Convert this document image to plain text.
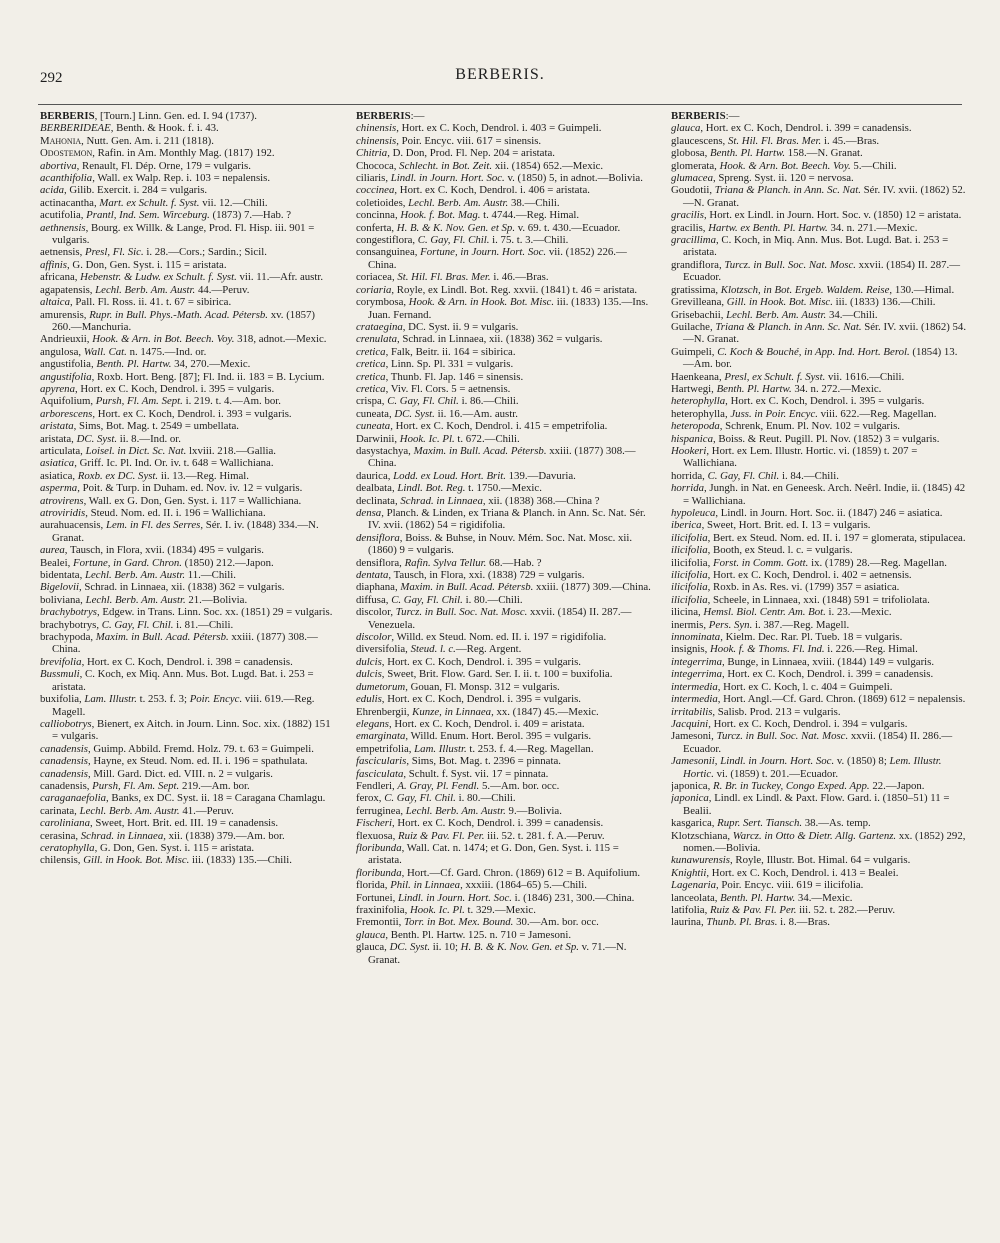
292	BERBERIS.
BERBERIS, [Tourn.] Linn. Gen. ed. I. 94 (1737).
BERBERIDEAE, Benth. & Hook. f. i. 43.
Mahonia, Nutt. Gen. Am. i. 211 (1818).
Odostemon, Rafin. in Am. Monthly Mag. (1817) 192.
abortiva, Renault, Fl. Dép. Orne, 179 = vulgaris.
acanthifolia, Wall. ex Walp. Rep. i. 103 = nepalensis.
acida, Gilib. Exercit. i. 284 = vulgaris.
actinacantha, Mart. ex Schult. f. Syst. vii. 12.—Chili.
acutifolia, Prantl, Ind. Sem. Wirceburg. (1873) 7.—Hab. ?
aethnensis, Bourg. ex Willk. & Lange, Prod. Fl. Hisp. iii. 901 = vulgaris.
aetnensis, Presl, Fl. Sic. i. 28.—Cors.; Sardin.; Sicil.
affinis, G. Don, Gen. Syst. i. 115 = aristata.
africana, Hebenstr. & Ludw. ex Schult. f. Syst. vii. 11.—Afr. austr.
agapatensis, Lechl. Berb. Am. Austr. 44.—Peruv.
altaica, Pall. Fl. Ross. ii. 41. t. 67 = sibirica.
amurensis, Rupr. in Bull. Phys.-Math. Acad. Pétersb. xv. (1857) 260.—Manchuria.
Andrieuxii, Hook. & Arn. in Bot. Beech. Voy. 318, adnot.—Mexic.
angulosa, Wall. Cat. n. 1475.—Ind. or.
angustifolia, Benth. Pl. Hartw. 34, 270.—Mexic.
angustifolia, Roxb. Hort. Beng. [87]; Fl. Ind. ii. 183 = B. Lycium.
apyrena, Hort. ex C. Koch, Dendrol. i. 395 = vulgaris.
Aquifolium, Pursh, Fl. Am. Sept. i. 219. t. 4.—Am. bor.
arborescens, Hort. ex C. Koch, Dendrol. i. 393 = vulgaris.
aristata, Sims, Bot. Mag. t. 2549 = umbellata.
aristata, DC. Syst. ii. 8.—Ind. or.
articulata, Loisel. in Dict. Sc. Nat. lxviii. 218.—Gallia.
asiatica, Griff. Ic. Pl. Ind. Or. iv. t. 648 = Wallichiana.
asiatica, Roxb. ex DC. Syst. ii. 13.—Reg. Himal.
asperma, Poit. & Turp. in Duham. ed. Nov. iv. 12 = vulgaris.
atrovirens, Wall. ex G. Don, Gen. Syst. i. 117 = Wallichiana.
atroviridis, Steud. Nom. ed. II. i. 196 = Wallichiana.
aurahuacensis, Lem. in Fl. des Serres, Sér. I. iv. (1848) 334.—N. Granat.
aurea, Tausch, in Flora, xvii. (1834) 495 = vulgaris.
Bealei, Fortune, in Gard. Chron. (1850) 212.—Japon.
bidentata, Lechl. Berb. Am. Austr. 11.—Chili.
Bigelovii, Schrad. in Linnaea, xii. (1838) 362 = vulgaris.
boliviana, Lechl. Berb. Am. Austr. 21.—Bolivia.
brachybotrys, Edgew. in Trans. Linn. Soc. xx. (1851) 29 = vulgaris.
brachybotrys, C. Gay, Fl. Chil. i. 81.—Chili.
brachypoda, Maxim. in Bull. Acad. Pétersb. xxiii. (1877) 308.—China.
brevifolia, Hort. ex C. Koch, Dendrol. i. 398 = canadensis.
Bussmuli, C. Koch, ex Miq. Ann. Mus. Bot. Lugd. Bat. i. 253 = aristata.
buxifolia, Lam. Illustr. t. 253. f. 3; Poir. Encyc. viii. 619.—Reg. Magell.
calliobotrys, Bienert, ex Aitch. in Journ. Linn. Soc. xix. (1882) 151 = vulgaris.
canadensis, Guimp. Abbild. Fremd. Holz. 79. t. 63 = Guimpeli.
canadensis, Hayne, ex Steud. Nom. ed. II. i. 196 = spathulata.
canadensis, Mill. Gard. Dict. ed. VIII. n. 2 = vulgaris.
canadensis, Pursh, Fl. Am. Sept. 219.—Am. bor.
caraganaefolia, Banks, ex DC. Syst. ii. 18 = Caragana Chamlagu.
carinata, Lechl. Berb. Am. Austr. 41.—Peruv.
caroliniana, Sweet, Hort. Brit. ed. III. 19 = canadensis.
cerasina, Schrad. in Linnaea, xii. (1838) 379.—Am. bor.
ceratophylla, G. Don, Gen. Syst. i. 115 = aristata.
chilensis, Gill. in Hook. Bot. Misc. iii. (1833) 135.—Chili.
BERBERIS:—
chinensis, Hort. ex C. Koch, Dendrol. i. 403 = Guimpeli.
chinensis, Poir. Encyc. viii. 617 = sinensis.
Chitria, D. Don, Prod. Fl. Nep. 204 = aristata.
Chococa, Schlecht. in Bot. Zeit. xii. (1854) 652.—Mexic.
ciliaris, Lindl. in Journ. Hort. Soc. v. (1850) 5, in adnot.—Bolivia.
coccinea, Hort. ex C. Koch, Dendrol. i. 406 = aristata.
coletioides, Lechl. Berb. Am. Austr. 38.—Chili.
concinna, Hook. f. Bot. Mag. t. 4744.—Reg. Himal.
conferta, H. B. & K. Nov. Gen. et Sp. v. 69. t. 430.—Ecuador.
congestiflora, C. Gay, Fl. Chil. i. 75. t. 3.—Chili.
consanguinea, Fortune, in Journ. Hort. Soc. vii. (1852) 226.—China.
coriacea, St. Hil. Fl. Bras. Mer. i. 46.—Bras.
coriaria, Royle, ex Lindl. Bot. Reg. xxvii. (1841) t. 46 = aristata.
corymbosa, Hook. & Arn. in Hook. Bot. Misc. iii. (1833) 135.—Ins. Juan. Fernand.
crataegina, DC. Syst. ii. 9 = vulgaris.
crenulata, Schrad. in Linnaea, xii. (1838) 362 = vulgaris.
cretica, Falk, Beitr. ii. 164 = sibirica.
cretica, Linn. Sp. Pl. 331 = vulgaris.
cretica, Thunb. Fl. Jap. 146 = sinensis.
cretica, Viv. Fl. Cors. 5 = aetnensis.
crispa, C. Gay, Fl. Chil. i. 86.—Chili.
cuneata, DC. Syst. ii. 16.—Am. austr.
cuneata, Hort. ex C. Koch, Dendrol. i. 415 = empetrifolia.
Darwinii, Hook. Ic. Pl. t. 672.—Chili.
dasystachya, Maxim. in Bull. Acad. Pétersb. xxiii. (1877) 308.—China.
daurica, Lodd. ex Loud. Hort. Brit. 139.—Davuria.
dealbata, Lindl. Bot. Reg. t. 1750.—Mexic.
declinata, Schrad. in Linnaea, xii. (1838) 368.—China ?
densa, Planch. & Linden, ex Triana & Planch. in Ann. Sc. Nat. Sér. IV. xvii. (1862) 54 = rigidifolia.
densiflora, Boiss. & Buhse, in Nouv. Mém. Soc. Nat. Mosc. xii. (1860) 9 = vulgaris.
densiflora, Rafin. Sylva Tellur. 68.—Hab. ?
dentata, Tausch, in Flora, xxi. (1838) 729 = vulgaris.
diaphana, Maxim. in Bull. Acad. Pétersb. xxiii. (1877) 309.—China.
diffusa, C. Gay, Fl. Chil. i. 80.—Chili.
discolor, Turcz. in Bull. Soc. Nat. Mosc. xxvii. (1854) II. 287.—Venezuela.
discolor, Willd. ex Steud. Nom. ed. II. i. 197 = rigidifolia.
diversifolia, Steud. l. c.—Reg. Argent.
dulcis, Hort. ex C. Koch, Dendrol. i. 395 = vulgaris.
dulcis, Sweet, Brit. Flow. Gard. Ser. I. ii. t. 100 = buxifolia.
dumetorum, Gouan, Fl. Monsp. 312 = vulgaris.
edulis, Hort. ex C. Koch, Dendrol. i. 395 = vulgaris.
Ehrenbergii, Kunze, in Linnaea, xx. (1847) 45.—Mexic.
elegans, Hort. ex C. Koch, Dendrol. i. 409 = aristata.
emarginata, Willd. Enum. Hort. Berol. 395 = vulgaris.
empetrifolia, Lam. Illustr. t. 253. f. 4.—Reg. Magellan.
fascicularis, Sims, Bot. Mag. t. 2396 = pinnata.
fasciculata, Schult. f. Syst. vii. 17 = pinnata.
Fendleri, A. Gray, Pl. Fendl. 5.—Am. bor. occ.
ferox, C. Gay, Fl. Chil. i. 80.—Chili.
ferruginea, Lechl. Berb. Am. Austr. 9.—Bolivia.
Fischeri, Hort. ex C. Koch, Dendrol. i. 399 = canadensis.
flexuosa, Ruiz & Pav. Fl. Per. iii. 52. t. 281. f. A.—Peruv.
floribunda, Wall. Cat. n. 1474; et G. Don, Gen. Syst. i. 115 = aristata.
floribunda, Hort.—Cf. Gard. Chron. (1869) 612 = B. Aquifolium.
florida, Phil. in Linnaea, xxxiii. (1864–65) 5.—Chili.
Fortunei, Lindl. in Journ. Hort. Soc. i. (1846) 231, 300.—China.
fraxinifolia, Hook. Ic. Pl. t. 329.—Mexic.
Fremontii, Torr. in Bot. Mex. Bound. 30.—Am. bor. occ.
glauca, Benth. Pl. Hartw. 125. n. 710 = Jamesoni.
glauca, DC. Syst. ii. 10; H. B. & K. Nov. Gen. et Sp. v. 71.—N. Granat.
BERBERIS:—
glauca, Hort. ex C. Koch, Dendrol. i. 399 = canadensis.
glaucescens, St. Hil. Fl. Bras. Mer. i. 45.—Bras.
globosa, Benth. Pl. Hartw. 158.—N. Granat.
glomerata, Hook. & Arn. Bot. Beech. Voy. 5.—Chili.
glumacea, Spreng. Syst. ii. 120 = nervosa.
Goudotii, Triana & Planch. in Ann. Sc. Nat. Sér. IV. xvii. (1862) 52.—N. Granat.
gracilis, Hort. ex Lindl. in Journ. Hort. Soc. v. (1850) 12 = aristata.
gracilis, Hartw. ex Benth. Pl. Hartw. 34. n. 271.—Mexic.
gracillima, C. Koch, in Miq. Ann. Mus. Bot. Lugd. Bat. i. 253 = aristata.
grandiflora, Turcz. in Bull. Soc. Nat. Mosc. xxvii. (1854) II. 287.—Ecuador.
gratissima, Klotzsch, in Bot. Ergeb. Waldem. Reise, 130.—Himal.
Grevilleana, Gill. in Hook. Bot. Misc. iii. (1833) 136.—Chili.
Grisebachii, Lechl. Berb. Am. Austr. 34.—Chili.
Guilache, Triana & Planch. in Ann. Sc. Nat. Sér. IV. xvii. (1862) 54.—N. Granat.
Guimpeli, C. Koch & Bouché, in App. Ind. Hort. Berol. (1854) 13.—Am. bor.
Haenkeana, Presl, ex Schult. f. Syst. vii. 1616.—Chili.
Hartwegi, Benth. Pl. Hartw. 34. n. 272.—Mexic.
heterophylla, Hort. ex C. Koch, Dendrol. i. 395 = vulgaris.
heterophylla, Juss. in Poir. Encyc. viii. 622.—Reg. Magellan.
heteropoda, Schrenk, Enum. Pl. Nov. 102 = vulgaris.
hispanica, Boiss. & Reut. Pugill. Pl. Nov. (1852) 3 = vulgaris.
Hookeri, Hort. ex Lem. Illustr. Hortic. vi. (1859) t. 207 = Wallichiana.
horrida, C. Gay, Fl. Chil. i. 84.—Chili.
horrida, Jungh. in Nat. en Geneesk. Arch. Neêrl. Indie, ii. (1845) 42 = Wallichiana.
hypoleuca, Lindl. in Journ. Hort. Soc. ii. (1847) 246 = asiatica.
iberica, Sweet, Hort. Brit. ed. I. 13 = vulgaris.
ilicifolia, Bert. ex Steud. Nom. ed. II. i. 197 = glomerata, stipulacea.
ilicifolia, Booth, ex Steud. l. c. = vulgaris.
ilicifolia, Forst. in Comm. Gott. ix. (1789) 28.—Reg. Magellan.
ilicifolia, Hort. ex C. Koch, Dendrol. i. 402 = aetnensis.
ilicifolia, Roxb. in As. Res. vi. (1799) 357 = asiatica.
ilicifolia, Scheele, in Linnaea, xxi. (1848) 591 = trifoliolata.
ilicina, Hemsl. Biol. Centr. Am. Bot. i. 23.—Mexic.
inermis, Pers. Syn. i. 387.—Reg. Magell.
innominata, Kielm. Dec. Rar. Pl. Tueb. 18 = vulgaris.
insignis, Hook. f. & Thoms. Fl. Ind. i. 226.—Reg. Himal.
integerrima, Bunge, in Linnaea, xviii. (1844) 149 = vulgaris.
integerrima, Hort. ex C. Koch, Dendrol. i. 399 = canadensis.
intermedia, Hort. ex C. Koch, l. c. 404 = Guimpeli.
intermedia, Hort. Angl.—Cf. Gard. Chron. (1869) 612 = nepalensis.
irritabilis, Salisb. Prod. 213 = vulgaris.
Jacquini, Hort. ex C. Koch, Dendrol. i. 394 = vulgaris.
Jamesoni, Turcz. in Bull. Soc. Nat. Mosc. xxvii. (1854) II. 286.—Ecuador.
Jamesonii, Lindl. in Journ. Hort. Soc. v. (1850) 8; Lem. Illustr. Hortic. vi. (1859) t. 201.—Ecuador.
japonica, R. Br. in Tuckey, Congo Exped. App. 22.—Japon.
japonica, Lindl. ex Lindl. & Paxt. Flow. Gard. i. (1850–51) 11 = Bealii.
kasgarica, Rupr. Sert. Tiansch. 38.—As. temp.
Klotzschiana, Warcz. in Otto & Dietr. Allg. Gartenz. xx. (1852) 292, nomen.—Bolivia.
kunawurensis, Royle, Illustr. Bot. Himal. 64 = vulgaris.
Knightii, Hort. ex C. Koch, Dendrol. i. 413 = Bealei.
Lagenaria, Poir. Encyc. viii. 619 = ilicifolia.
lanceolata, Benth. Pl. Hartw. 34.—Mexic.
latifolia, Ruiz & Pav. Fl. Per. iii. 52. t. 282.—Peruv.
laurina, Thunb. Pl. Bras. i. 8.—Bras.
